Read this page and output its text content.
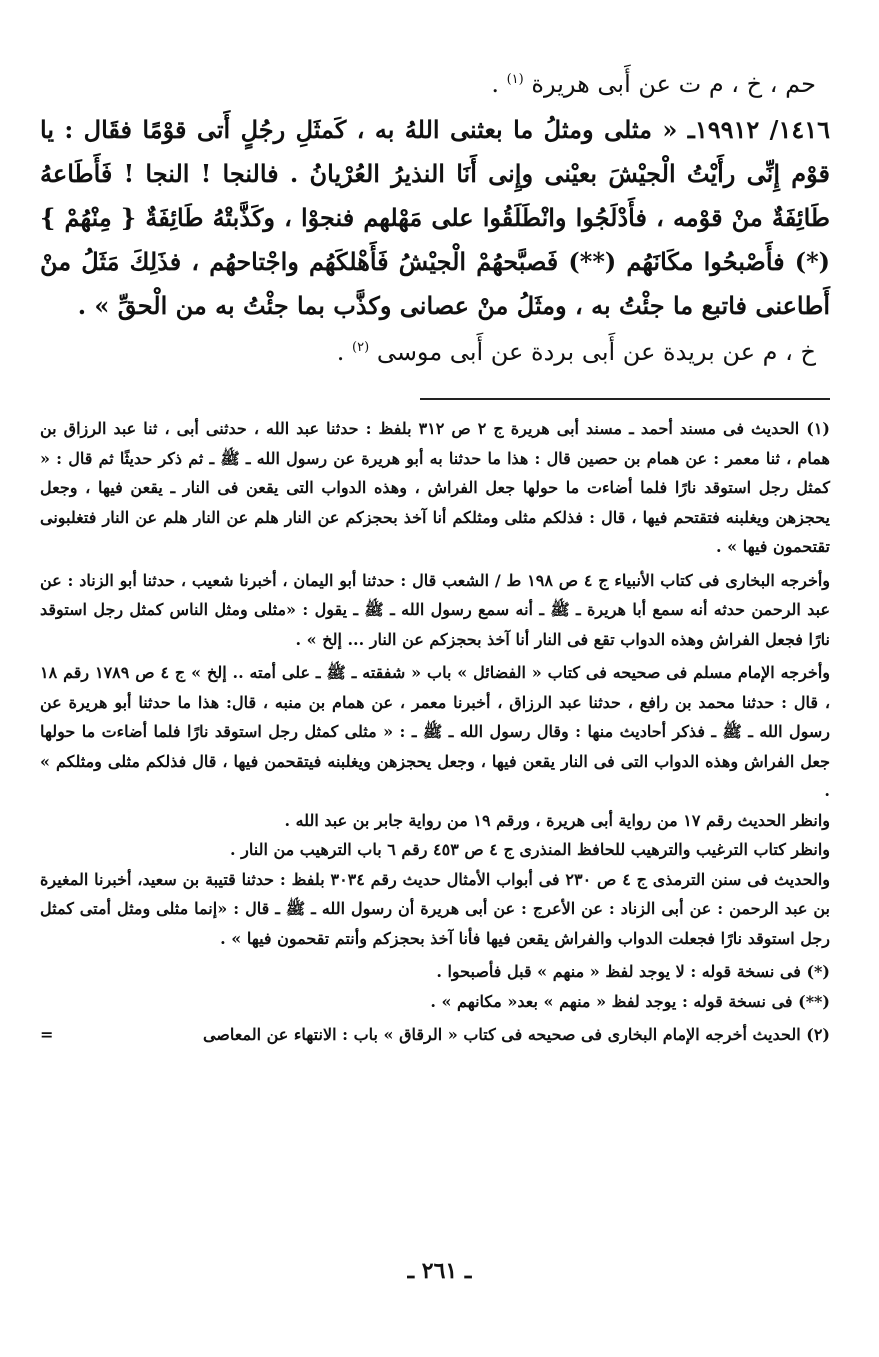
حم ، خ ، م ت عن أَبى هريرة $^{(١)}$ .

١٤١٦/ ١٩٩١٢ـ « مثلى ومثلُ ما بعثنى اللهُ به ، كَمثَلِ رجُلٍ أَتى قوْمًا فقَال : يا قوْم إِنِّى رأَيْتُ الْجيْشَ بعيْنى وإِنى أَنَا النذيرُ العُرْيانُ . فالنجا ! النجا ! فَأَطَاعهُ طَائِفَةٌ منْ قوْمه ، فأَدْلَجُوا وانْطَلَقُوا على مَهْلهم فنجوْا ، وكَذَّبتْهُ طَائِفَةٌ { مِنْهُمْ } (*) فأَصْبحُوا مكَانَهُم (**) فَصبَّحهُمْ الْجيْشُ فَأَهْلكَهُم واجْتاحهُم ، فذَلِكَ مَثَلُ منْ أَطاعنى فاتبع ما جئْتُ به ، ومثَلُ منْ عصانى وكذَّب بما جئْتُ به من الْحقِّ » .

خ ، م عن بريدة عن أَبى بردة عن أَبى موسى $^{(٢)}$ .

(١) الحديث فى مسند أحمد ـ مسند أبى هريرة ج ٢ ص ٣١٢ بلفظ : حدثنا عبد الله ، حدثنى أبى ، ثنا عبد الرزاق بن همام ، ثنا معمر : عن همام بن حصين قال : هذا ما حدثنا به أبو هريرة عن رسول الله ـ ﷺ ـ ثم ذكر حديثًا ثم قال : « كمثل رجل استوقد نارًا فلما أضاءت ما حولها جعل الفراش ، وهذه الدواب التى يقعن فى النار ـ يقعن فيها ، وجعل يحجزهن ويغلبنه فتقتحم فيها ، قال : فذلكم مثلى ومثلكم أنا آخذ بحجزكم عن النار هلم عن النار هلم عن النار فتغلبونى تقتحمون فيها » .

وأخرجه البخارى فى كتاب الأنبياء ج ٤ ص ١٩٨ ط / الشعب قال : حدثنا أبو اليمان ، أخبرنا شعيب ، حدثنا أبو الزناد : عن عبد الرحمن حدثه أنه سمع أبا هريرة ـ ﷺ ـ أنه سمع رسول الله ـ ﷺ ـ يقول : «مثلى ومثل الناس كمثل رجل استوقد نارًا فجعل الفراش وهذه الدواب تقع فى النار أنا آخذ بحجزكم عن النار ... إلخ » .

وأخرجه الإمام مسلم فى صحيحه فى كتاب « الفضائل » باب « شفقته ـ ﷺ ـ على أمته .. إلخ » ج ٤ ص ١٧٨٩ رقم ١٨ ، قال : حدثنا محمد بن رافع ، حدثنا عبد الرزاق ، أخبرنا معمر ، عن همام بن منبه ، قال: هذا ما حدثنا أبو هريرة عن رسول الله ـ ﷺ ـ فذكر أحاديث منها : وقال رسول الله ـ ﷺ ـ : « مثلى كمثل رجل استوقد نارًا فلما أضاءت ما حولها جعل الفراش وهذه الدواب التى فى النار يقعن فيها ، وجعل يحجزهن ويغلبنه فيتقحمن فيها ، قال فذلكم مثلى ومثلكم » .

وانظر الحديث رقم ١٧ من رواية أبى هريرة ، ورقم ١٩ من رواية جابر بن عبد الله .

وانظر كتاب الترغيب والترهيب للحافظ المنذرى ج ٤ ص ٤٥٣ رقم ٦ باب الترهيب من النار .

والحديث فى سنن الترمذى ج ٤ ص ٢٣٠ فى أبواب الأمثال حديث رقم ٣٠٣٤ بلفظ : حدثنا قتيبة بن سعيد، أخبرنا المغيرة بن عبد الرحمن : عن أبى الزناد : عن الأعرج : عن أبى هريرة أن رسول الله ـ ﷺ ـ قال : «إنما مثلى ومثل أمتى كمثل رجل استوقد نارًا فجعلت الدواب والفراش يقعن فيها فأنا آخذ بحجزكم وأنتم تقحمون فيها » .

(*) فى نسخة قوله : لا يوجد لفظ « منهم » قبل فأصبحوا .

(**) فى نسخة قوله : يوجد لفظ « منهم » بعد« مكانهم » .

(٢) الحديث أخرجه الإمام البخارى فى صحيحه فى كتاب « الرقاق » باب : الانتهاء عن المعاصى
=
ـ ٢٦١ ـ
